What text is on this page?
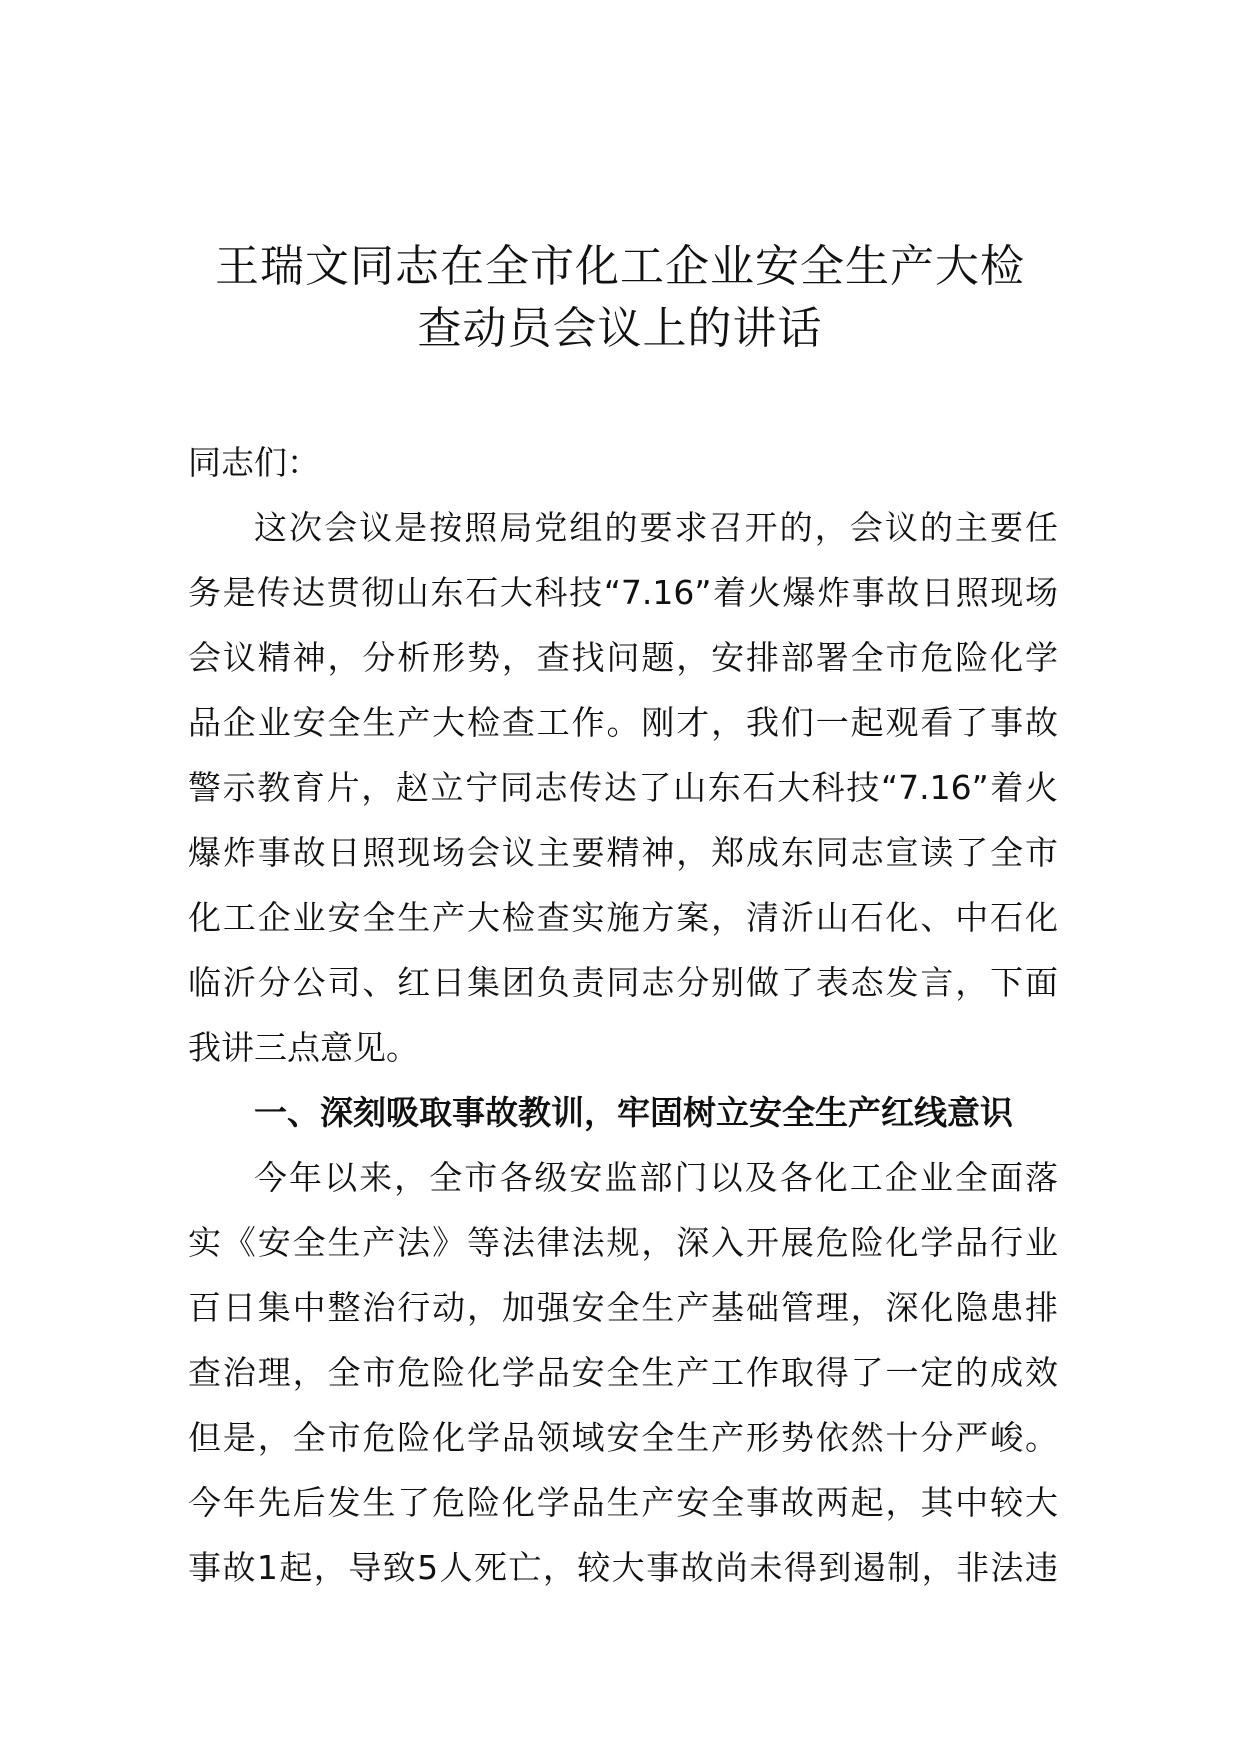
王瑞文同志在全市化工企业安全生产大检
查动员会议上的讲话
同志们：
这次会议是按照局党组的要求召开的，会议的主要任
务是传达贯彻山东石大科技“7.16”着火爆炸事故日照现场
会议精神，分析形势，查找问题，安排部署全市危险化学
品企业安全生产大检查工作。刚才，我们一起观看了事故
警示教育片，赵立宁同志传达了山东石大科技“7.16”着火
爆炸事故日照现场会议主要精神，郑成东同志宣读了全市
化工企业安全生产大检查实施方案，清沂山石化、中石化
临沂分公司、红日集团负责同志分别做了表态发言，下面
我讲三点意见。
一、深刻吸取事故教训，牢固树立安全生产红线意识
今年以来，全市各级安监部门以及各化工企业全面落
实《安全生产法》等法律法规，深入开展危险化学品行业
百日集中整治行动，加强安全生产基础管理，深化隐患排
查治理，全市危险化学品安全生产工作取得了一定的成效
但是，全市危险化学品领域安全生产形势依然十分严峻。
今年先后发生了危险化学品生产安全事故两起，其中较大
事故1起，导致5人死亡，较大事故尚未得到遏制，非法违
